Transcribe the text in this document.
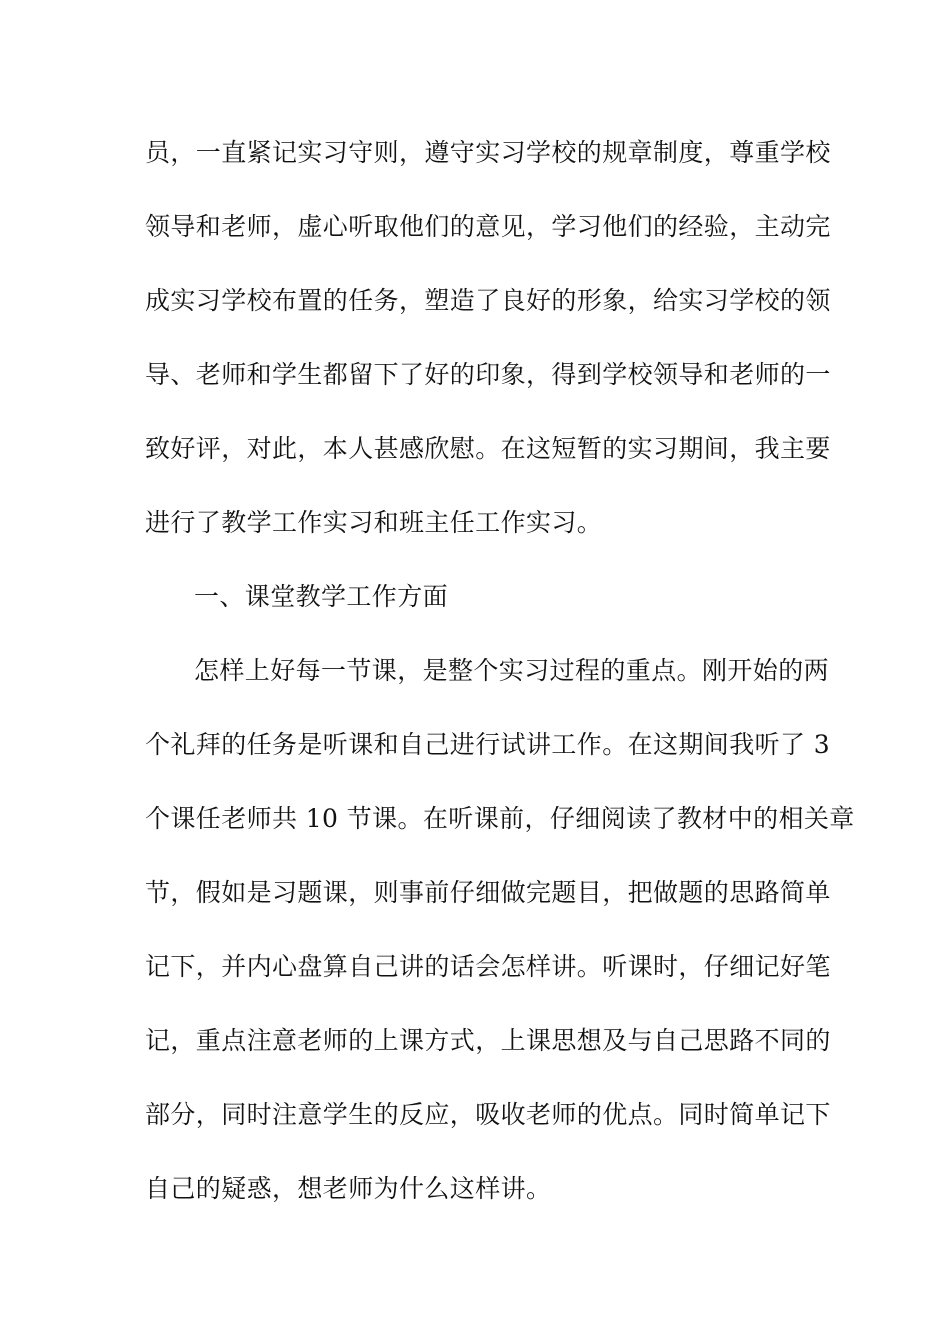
员，一直紧记实习守则，遵守实习学校的规章制度，尊重学校
领导和老师，虚心听取他们的意见，学习他们的经验，主动完
成实习学校布置的任务，塑造了良好的形象，给实习学校的领
导、老师和学生都留下了好的印象，得到学校领导和老师的一
致好评，对此，本人甚感欣慰。在这短暂的实习期间，我主要
进行了教学工作实习和班主任工作实习。
一、课堂教学工作方面
怎样上好每一节课，是整个实习过程的重点。刚开始的两
个礼拜的任务是听课和自己进行试讲工作。在这期间我听了 3
个课任老师共 10 节课。在听课前，仔细阅读了教材中的相关章
节，假如是习题课，则事前仔细做完题目，把做题的思路简单
记下，并内心盘算自己讲的话会怎样讲。听课时，仔细记好笔
记，重点注意老师的上课方式，上课思想及与自己思路不同的
部分，同时注意学生的反应，吸收老师的优点。同时简单记下
自己的疑惑，想老师为什么这样讲。
